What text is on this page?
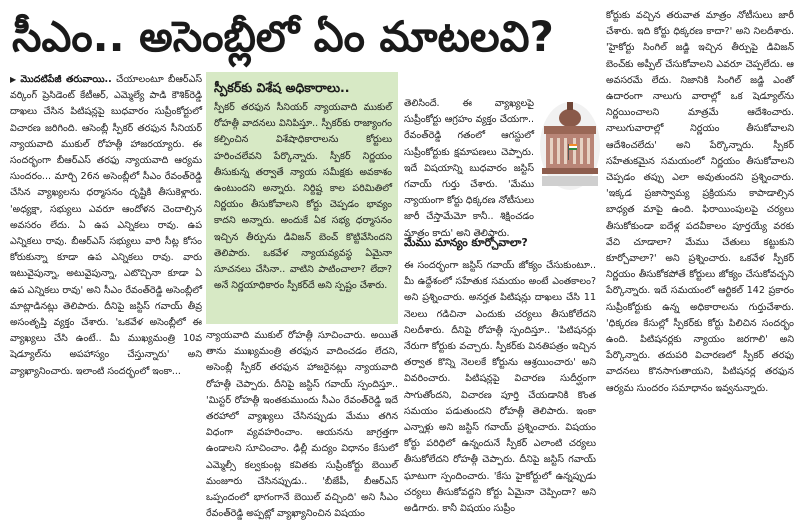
సీఎం.. అసెంబ్లీలో ఏం మాటలవి?

▶ మొదటిపేజీ తరువాయి.. చేయాలంటూ బీఆర్ఎస్ వర్కింగ్ ప్రెసిడెంట్ కేటీఆర్, ఎమ్మెల్యే పాడి కౌశిక్‌రెడ్డి దాఖలు చేసిన పిటిషన్లపై బుధవారం సుప్రీంకోర్టులో విచారణ జరిగింది. ఆసెంబ్లీ స్పీకర్ తరఫున సీనియర్ న్యాయవాది ముకుల్ రోహత్గీ హాజరయ్యారు. ఈ సందర్భంగా బీఆర్ఎస్ తరఫు న్యాయవాది ఆర్యమ సుందరం... మార్చి 26న అసెంబ్లీలో సీఎం రేవంత్‌రెడ్డి చేసిన వ్యాఖ్యలను ధర్మాసనం దృష్టికి తీసుకెళ్లారు. 'అధ్యక్షా, సభ్యులు ఎవరూ ఆందోళన చెందాల్సిన అవసరం లేదు. ఏ ఉప ఎన్నికలు రావు. ఉప ఎన్నికలు రావు. బీఆర్ఎస్ సభ్యులు వారి సీట్ల కోసం కోరుకున్నా కూడా ఉప ఎన్నికలు రావు. వారు ఇటువైపున్నా, అటువైపున్నా, ఎటొచ్చినా కూడా ఏ ఉప ఎన్నికలు రావు' అని సీఎం రేవంత్‌రెడ్డి అసెంబ్లీలో మాట్లాడినట్లు తెలిపారు. దీనిపై జస్టిస్ గవాయ్ తీవ్ర అసంతృప్తి వ్యక్తం చేశారు. 'ఒకవేళ అసెంబ్లీలో ఈ వ్యాఖ్యలు చేసి ఉంటే.. మీ ముఖ్యమంత్రి 10వ షెడ్యూల్‌ను అపహాస్యం చేస్తున్నారు' అని వ్యాఖ్యానించారు. ఇలాంటి సందర్భంలో ఇంకా...

స్పీకర్‌కు విశేష అధికారాలు..
స్పీకర్ తరఫున సీనియర్ న్యాయవాది ముకుల్ రోహత్గీ వాదనలు వినిపిస్తూ.. స్పీకర్‌కు రాజ్యాంగం కల్పించిన విశేషాధికారాలను కోర్టులు హరించలేవని పేర్కొన్నారు. స్పీకర్ నిర్ణయం తీసుకున్న తర్వాతే న్యాయ సమీక్షకు అవకాశం ఉంటుందని అన్నారు. నిర్దిష్ట కాల పరిమితిలో నిర్ణయం తీసుకోవాలని కోర్టు చెప్పడం భావ్యం కాదని అన్నారు. అందుకే ఏక సభ్య ధర్మాసనం ఇచ్చిన తీర్పును డివిజన్ బెంచ్ కొట్టివేసిందని తెలిపారు. ఒకవేళ న్యాయవ్యవస్థ ఏమైనా సూచనలు చేసినా.. వాటిని పాటించాలా? లేదా? అనే నిర్ణయాధికారం స్పీకర్‌దే అని స్పష్టం చేశారు.

న్యాయవాది ముకుల్ రోహత్గీ సూచించారు. అయితే తాను ముఖ్యమంత్రి తరఫున వాదించడం లేదని, అసెంబ్లీ స్పీకర్ తరఫున హాజరైనట్లు న్యాయవాది రోహత్గీ చెప్పారు. దీనిపై జస్టిస్ గవాయ్ స్పందిస్తూ.. 'మిస్టర్ రోహత్గీ ఇంతకుముందు సీఎం రేవంత్‌రెడ్డి ఇదే తరహాలో వ్యాఖ్యలు చేసినప్పుడు మేము తగిన విధంగా వ్యవహరించాం. ఆయనను జాగ్రత్తగా ఉండాలని సూచించాం. ఢిల్లీ మద్యం విధానం కేసులో ఎమ్మెల్సీ కల్వకుంట్ల కవితకు సుప్రీంకోర్టు బెయిల్ మంజూరు చేసినప్పుడు.. 'బీజేపీ, బీఆర్ఎస్ ఒప్పందంలో భాగంగానే బెయిల్ వచ్చింది' అని సీఎం రేవంత్‌రెడ్డి అప్పట్లో వ్యాఖ్యానించిన విషయం

తెలిసిందే. ఈ వ్యాఖ్యలపై సుప్రీంకోర్టు ఆగ్రహం వ్యక్తం చేయగా.. రేవంత్‌రెడ్డి గతంలో ఆగస్టులో సుప్రీంకోర్టుకు క్షమాపణలు చెప్పారు. ఇదే విషయాన్ని బుధవారం జస్టిస్ గవాయ్ గుర్తు చేశారు. 'మేము న్యాయంగా కోర్టు ధిక్కరణ నోటీసులు జారీ చేస్తామేమో కానీ.. శిక్షించడం మాత్రం కాదు' అని తెలిపారు.

మేము మాన్యం కూర్చోవాలా?

ఈ సందర్భంగా జస్టిస్ గవాయ్ జోక్యం చేసుకుంటూ.. మీ ఉద్దేశంలో సహేతుక సమయం అంటే ఎంతకాలం? అని ప్రశ్నించారు. అనర్హత పిటిషన్లు దాఖలు చేసి 11 నెలలు గడిచినా ఎందుకు చర్యలు తీసుకోలేదని నిలదీశారు. దీనిపై రోహత్గీ స్పందిస్తూ.. 'పిటిషనర్లు నేరుగా కోర్టుకు వచ్చారు. స్పీకర్‌కు వినతిపత్రం ఇచ్చిన తర్వాత కొన్ని నెలలకే కోర్టును ఆశ్రయించారు' అని వివరించారు. పిటిషన్లపై విచారణ సుదీర్ఘంగా సాగుతోందని, విచారణ పూర్తి చేయడానికి కొంత సమయం పడుతుందని రోహత్గీ తెలిపారు. ఇంకా ఎన్నాళ్లు అని జస్టిస్ గవాయ్ ప్రశ్నించారు. విషయం కోర్టు పరిధిలో ఉన్నందునే స్పీకర్ ఎలాంటి చర్యలు తీసుకోలేదని రోహత్గీ చెప్పారు. దీనిపై జస్టిస్ గవాయ్ ఘాటుగా స్పందించారు. 'కేసు హైకోర్టులో ఉన్నప్పుడు చర్యలు తీసుకోవద్దని కోర్టు ఏమైనా చెప్పిందా? అని అడిగారు. కానీ విషయం సుప్రీం

కోర్టుకు వచ్చిన తరువాత మాత్రం నోటీసులు జారీ చేశారు. ఇది కోర్టు ధిక్కరణ కాదా?' అని నిలదీశారు. 'హైకోర్టు సింగిల్ జడ్జి ఇచ్చిన తీర్పుపై డివిజన్ బెంచ్‌కు అప్పీల్ చేసుకోవాలని ఎవరూ చెప్పలేదు. ఆ అవసరమే లేదు. నిజానికి సింగిల్ జడ్జి ఎంతో ఉదారంగా నాలుగు వారాల్లో ఒక షెడ్యూల్‌ను నిర్ణయించాలని మాత్రమే ఆదేశించారు. నాలుగువారాల్లో నిర్ణయం తీసుకోవాలని ఆదేశించలేదు' అని పేర్కొన్నారు. స్పీకర్ సహేతుకమైన సమయంలో నిర్ణయం తీసుకోవాలని చెప్పడం తప్పు ఎలా అవుతుందని ప్రశ్నించారు. 'ఇక్కడ ప్రజాస్వామ్య ప్రక్రియను కాపాడాల్సిన బాధ్యత మాపై ఉంది. ఫిరాయింపులపై చర్యలు తీసుకోకుండా ఐదేళ్ల పదవీకాలం పూర్తయ్యే వరకు వేచి చూడాలా? మేము చేతులు కట్టుకుని కూర్చోవాలా?' అని ప్రశ్నించారు. ఒకవేళ స్పీకర్ నిర్ణయం తీసుకోకపోతే కోర్టులు జోక్యం చేసుకోవచ్చని పేర్కొన్నారు. ఇదే సమయంలో ఆర్టికల్ 142 ప్రకారం సుప్రీంకోర్టుకు ఉన్న అధికారాలను గుర్తుచేశారు. 'ధిక్కరణ కేసుల్లో స్పీకర్‌కు కోర్టు పిలిచిన సందర్భం ఉంది. పిటిషనర్లకు న్యాయం జరగాలి' అని పేర్కొన్నారు. తదుపరి విచారణలో స్పీకర్ తరఫు వాదనలు కొనసాగుతాయని, పిటిషనర్ల తరఫున ఆర్యమ సుందరం సమాధానం ఇవ్వనున్నారు.
